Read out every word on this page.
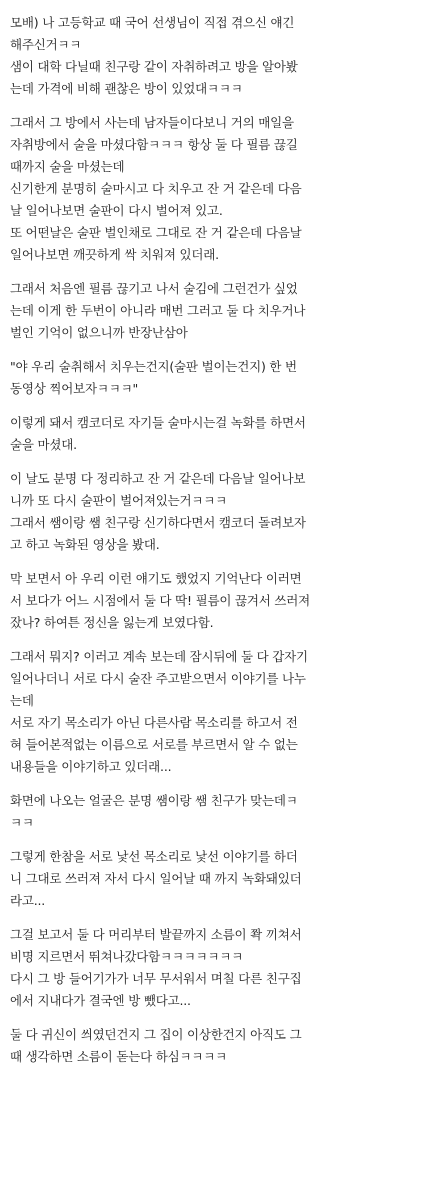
모배) 나 고등학교 때 국어 선생님이 직접 겪으신 얘긴
해주신거ㅋㅋ
샘이 대학 다닐때 친구랑 같이 자취하려고 방을 알아봤
는데 가격에 비해 괜찮은 방이 있었대ㅋㅋㅋ
그래서 그 방에서 사는데 남자들이다보니 거의 매일을
자취방에서 술을 마셨다함ㅋㅋㅋ 항상 둘 다 필름 끊길
때까지 술을 마셨는데
신기한게 분명히 술마시고 다 치우고 잔 거 같은데 다음
날 일어나보면 술판이 다시 벌어져 있고.
또 어떤날은 술판 벌인채로 그대로 잔 거 같은데 다음날
일어나보면 깨끗하게 싹 치워져 있더래.
그래서 처음엔 필름 끊기고 나서 술김에 그런건가 싶었
는데 이게 한 두번이 아니라 매번 그러고 둘 다 치우거나
벌인 기억이 없으니까 반장난삼아
"야 우리 술취해서 치우는건지(술판 벌이는건지) 한 번
동영상 찍어보자ㅋㅋㅋ"
이렇게 돼서 캠코더로 자기들 술마시는걸 녹화를 하면서
술을 마셨대.
이 날도 분명 다 정리하고 잔 거 같은데 다음날 일어나보
니까 또 다시 술판이 벌어져있는거ㅋㅋㅋ
그래서 쌤이랑 쌤 친구랑 신기하다면서 캠코더 돌려보자
고 하고 녹화된 영상을 봤대.
막 보면서 아 우리 이런 얘기도 했었지 기억난다 이러면
서 보다가 어느 시점에서 둘 다 딱! 필름이 끊겨서 쓰러져
잤나? 하여튼 정신을 잃는게 보였다함.
그래서 뭐지? 이러고 계속 보는데 잠시뒤에 둘 다 갑자기
일어나더니 서로 다시 술잔 주고받으면서 이야기를 나누
는데
서로 자기 목소리가 아닌 다른사람 목소리를 하고서 전
혀 들어본적없는 이름으로 서로를 부르면서 알 수 없는
내용들을 이야기하고 있더래...
화면에 나오는 얼굴은 분명 쌤이랑 쌤 친구가 맞는데ㅋ
ㅋㅋ
그렇게 한참을 서로 낯선 목소리로 낯선 이야기를 하더
니 그대로 쓰러져 자서 다시 일어날 때 까지 녹화돼있더
라고...
그걸 보고서 둘 다 머리부터 발끝까지 소름이 쫙 끼쳐서
비명 지르면서 뛰쳐나갔다함ㅋㅋㅋㅋㅋㅋㅋ
다시 그 방 들어기가가 너무 무서워서 며칠 다른 친구집
에서 지내다가 결국엔 방 뺐다고...
둘 다 귀신이 씌였던건지 그 집이 이상한건지 아직도 그
때 생각하면 소름이 돋는다 하심ㅋㅋㅋㅋ
